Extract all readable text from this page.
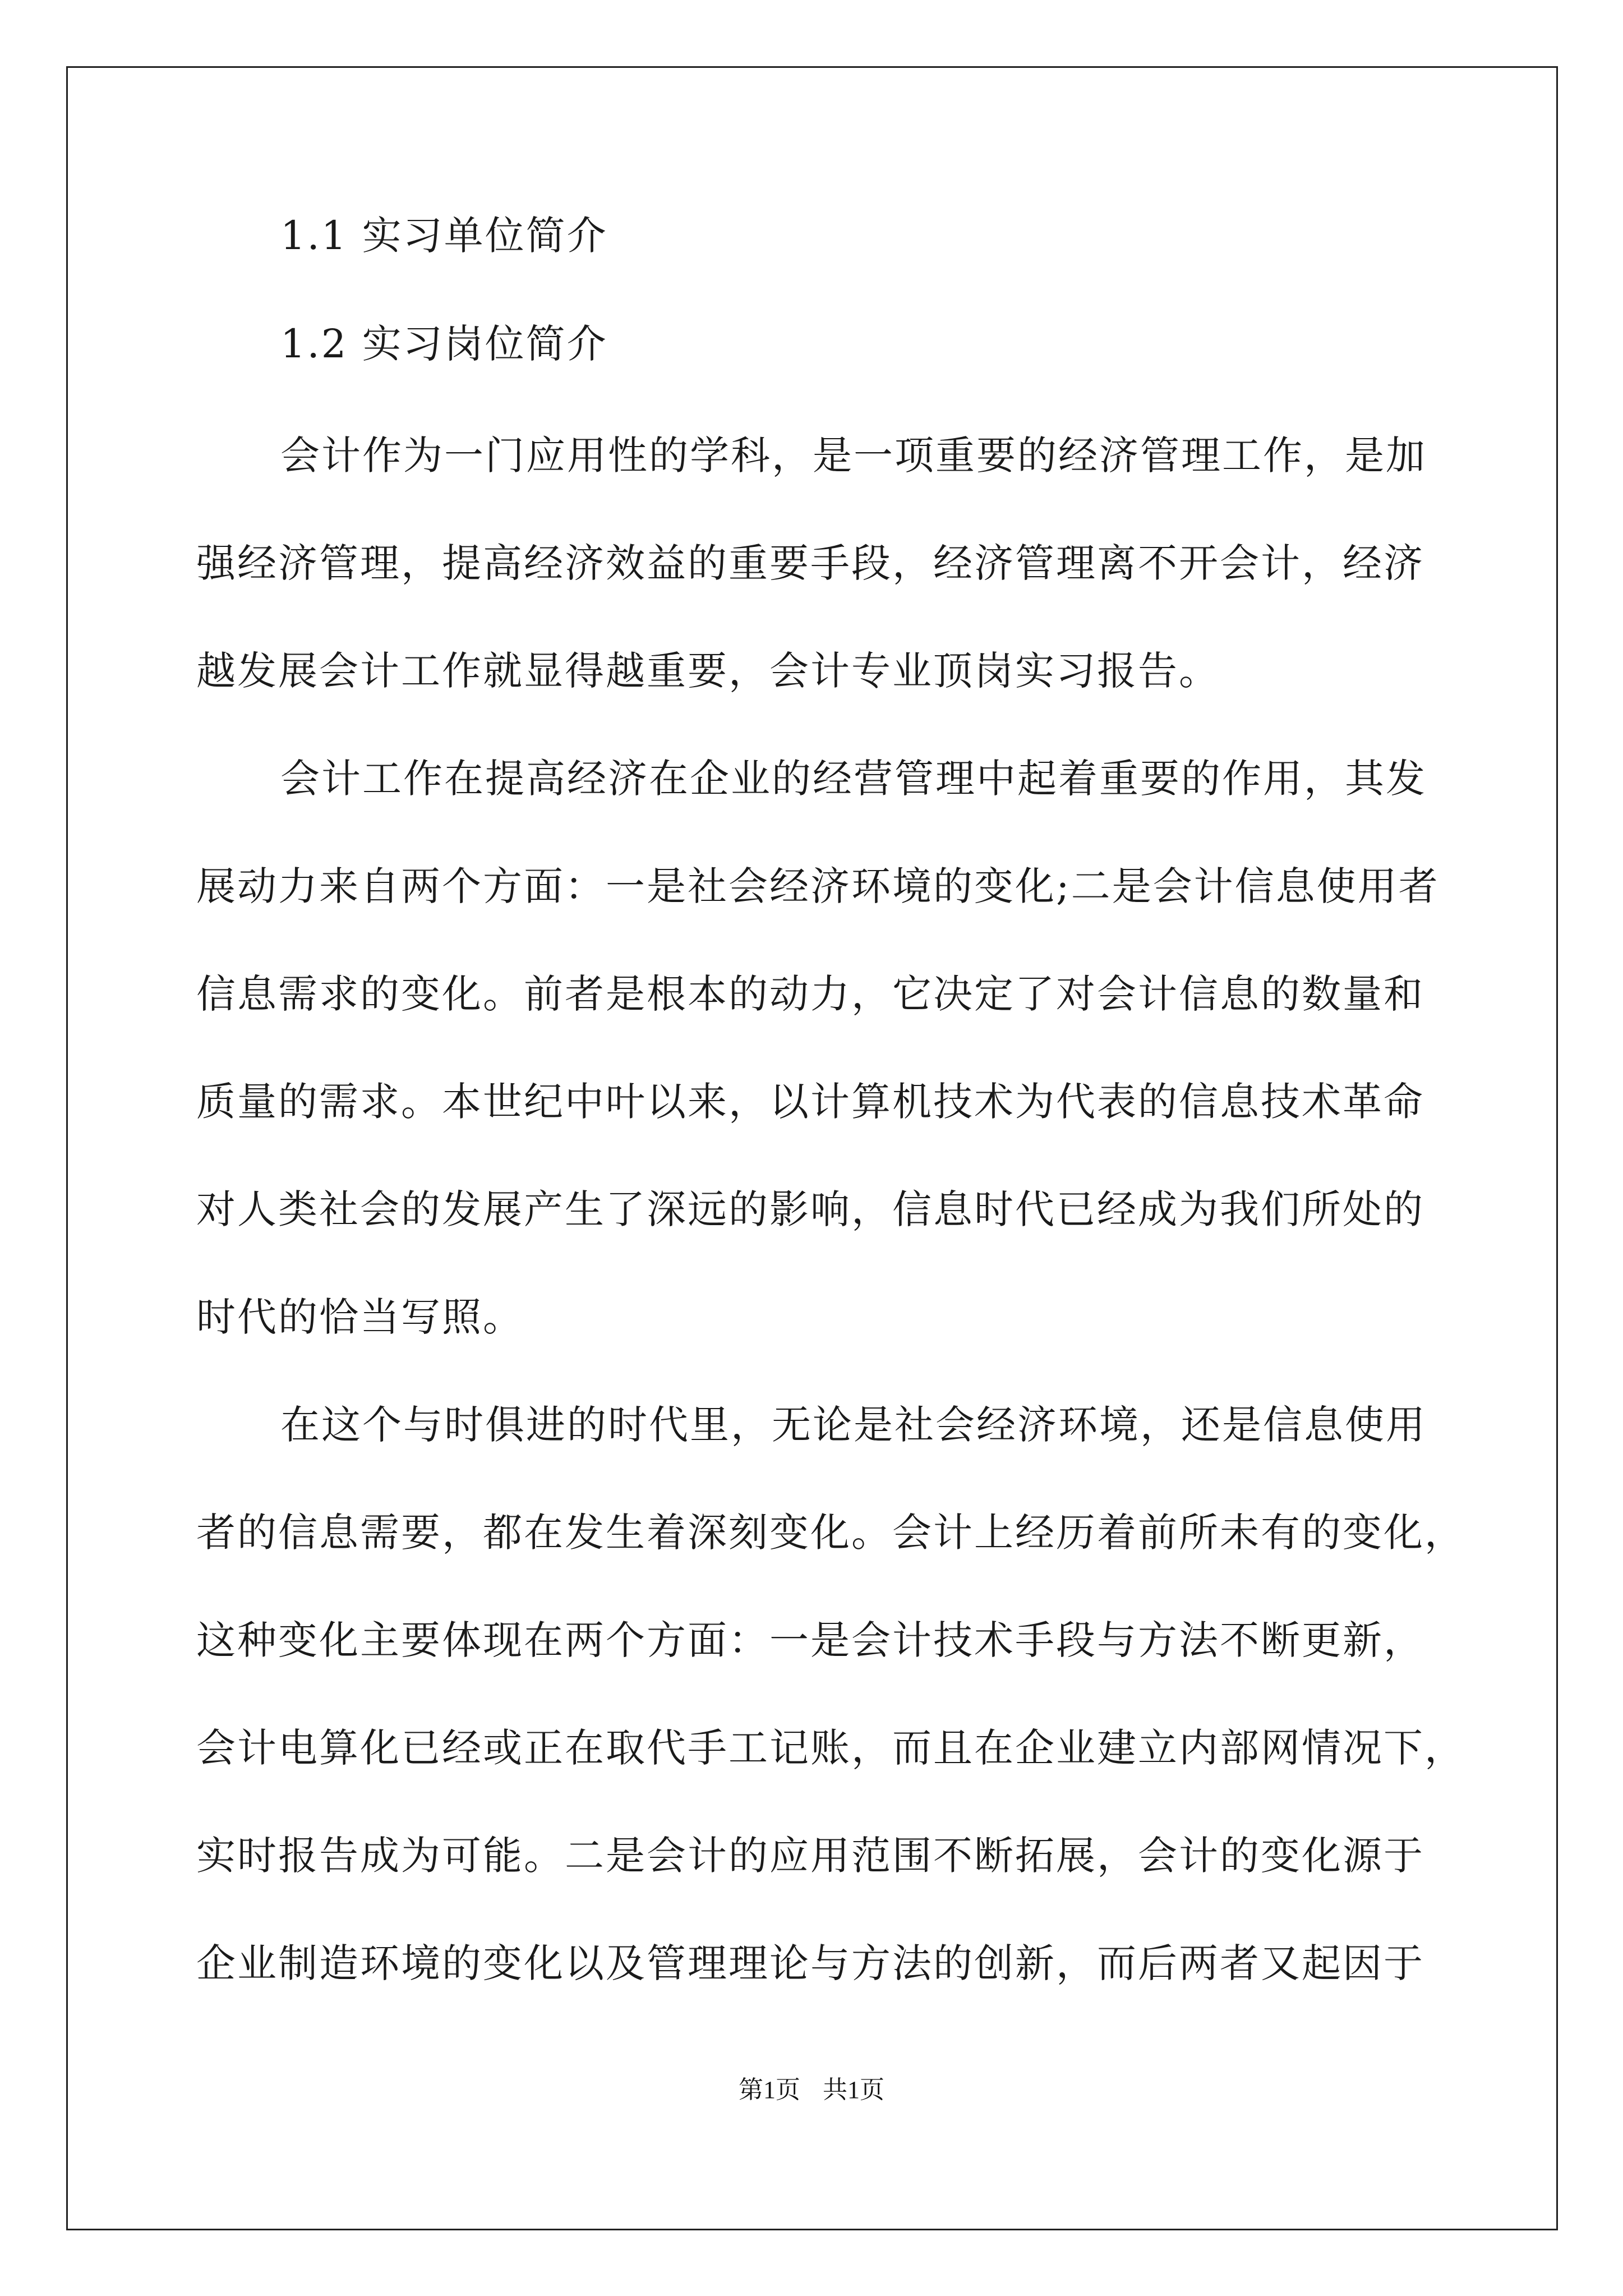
1.1 实习单位简介
1.2 实习岗位简介
会计作为一门应用性的学科，是一项重要的经济管理工作，是加
强经济管理，提高经济效益的重要手段，经济管理离不开会计，经济
越发展会计工作就显得越重要，会计专业顶岗实习报告。
会计工作在提高经济在企业的经营管理中起着重要的作用，其发
展动力来自两个方面：一是社会经济环境的变化;二是会计信息使用者
信息需求的变化。前者是根本的动力，它决定了对会计信息的数量和
质量的需求。本世纪中叶以来，以计算机技术为代表的信息技术革命
对人类社会的发展产生了深远的影响，信息时代已经成为我们所处的
时代的恰当写照。
在这个与时俱进的时代里，无论是社会经济环境，还是信息使用
者的信息需要，都在发生着深刻变化。会计上经历着前所未有的变化，
这种变化主要体现在两个方面：一是会计技术手段与方法不断更新，
会计电算化已经或正在取代手工记账，而且在企业建立内部网情况下，
实时报告成为可能。二是会计的应用范围不断拓展，会计的变化源于
企业制造环境的变化以及管理理论与方法的创新，而后两者又起因于
第1页 共1页
